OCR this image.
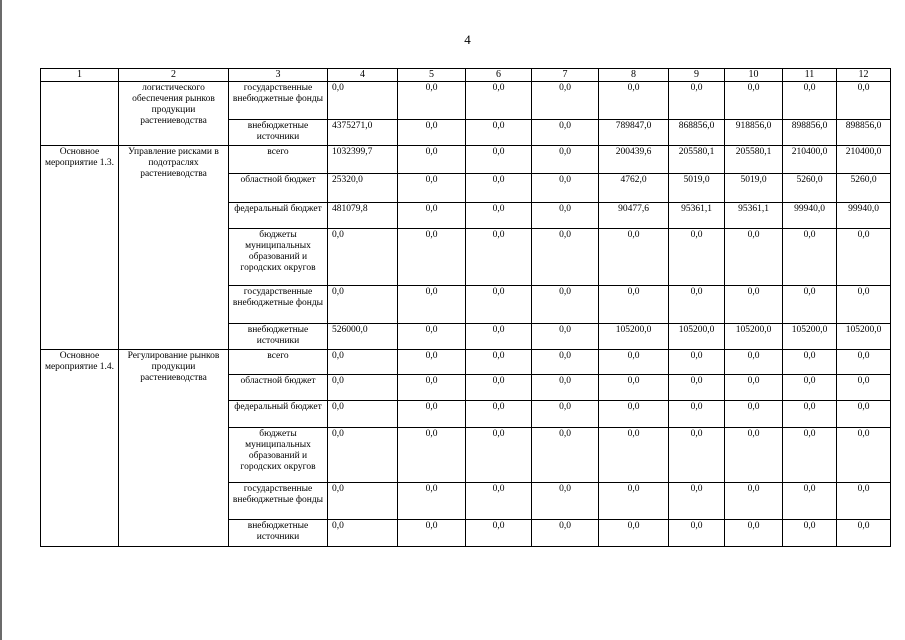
4
1	2	3	4	5	6	7	8	9	10	11	12
	логистического обеспечения рынков продукции растениеводства	государственные внебюджетные фонды	0,0	0,0	0,0	0,0	0,0	0,0	0,0	0,0	0,0
		внебюджетные источники	4375271,0	0,0	0,0	0,0	789847,0	868856,0	918856,0	898856,0	898856,0
Основное мероприятие 1.3.	Управление рисками в подотраслях растениеводства	всего	1032399,7	0,0	0,0	0,0	200439,6	205580,1	205580,1	210400,0	210400,0
		областной бюджет	25320,0	0,0	0,0	0,0	4762,0	5019,0	5019,0	5260,0	5260,0
		федеральный бюджет	481079,8	0,0	0,0	0,0	90477,6	95361,1	95361,1	99940,0	99940,0
		бюджеты муниципальных образований и городских округов	0,0	0,0	0,0	0,0	0,0	0,0	0,0	0,0	0,0
		государственные внебюджетные фонды	0,0	0,0	0,0	0,0	0,0	0,0	0,0	0,0	0,0
		внебюджетные источники	526000,0	0,0	0,0	0,0	105200,0	105200,0	105200,0	105200,0	105200,0
Основное мероприятие 1.4.	Регулирование рынков продукции растениеводства	всего	0,0	0,0	0,0	0,0	0,0	0,0	0,0	0,0	0,0
		областной бюджет	0,0	0,0	0,0	0,0	0,0	0,0	0,0	0,0	0,0
		федеральный бюджет	0,0	0,0	0,0	0,0	0,0	0,0	0,0	0,0	0,0
		бюджеты муниципальных образований и городских округов	0,0	0,0	0,0	0,0	0,0	0,0	0,0	0,0	0,0
		государственные внебюджетные фонды	0,0	0,0	0,0	0,0	0,0	0,0	0,0	0,0	0,0
		внебюджетные источники	0,0	0,0	0,0	0,0	0,0	0,0	0,0	0,0	0,0
